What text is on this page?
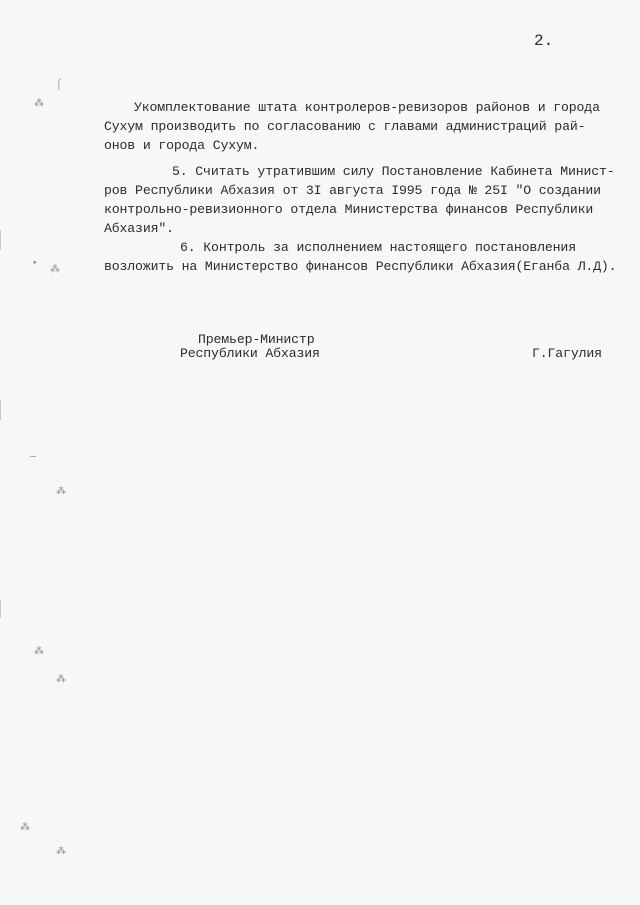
2.
Укомплектование штата контролеров-ревизоров районов и города
Сухум производить по согласованию с главами администраций рай-
онов и города Сухум.
5. Считать утратившим силу Постановление Кабинета Минист-
ров Республики Абхазия от 3I августа I995 года № 25I "О создании
контрольно-ревизионного отдела Министерства финансов Республики
Абхазия".
6. Контроль за исполнением настоящего постановления
возложить на Министерство финансов Республики Абхазия(Еганба Л.Д).
Премьер-Министр
Республики Абхазия	Г.Гагулия
⌠
⁂
‣
⁂
—
⁂
⁂
⁂
⁂
⁂
